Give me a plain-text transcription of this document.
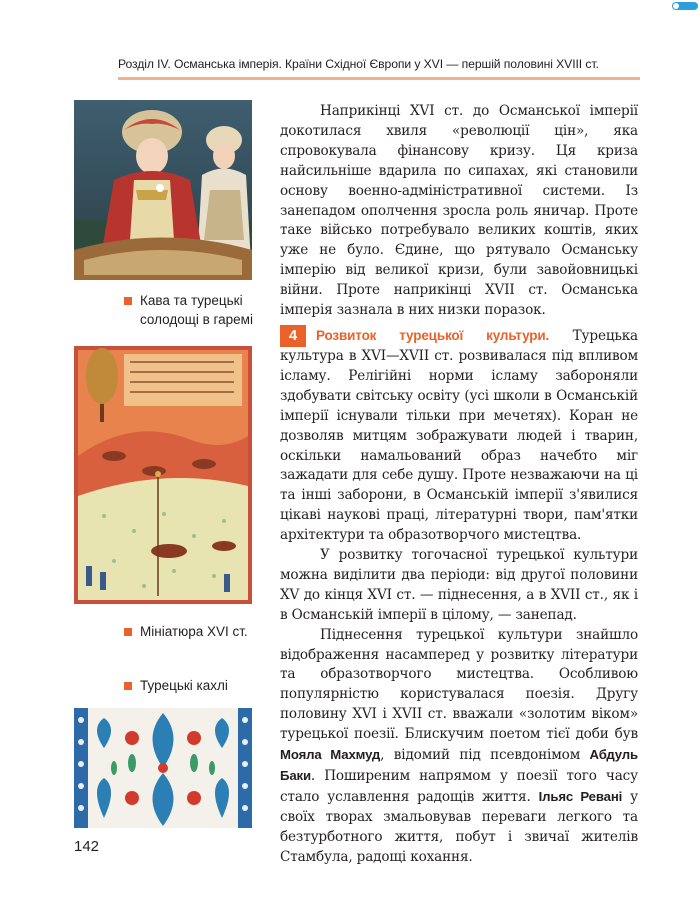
Розділ IV. Османська імперія. Країни Східної Європи у XVI — першій половині XVIII ст.
Кава та турецькі
солодощі в гаремі
Мініатюра XVI ст.
Турецькі кахлі

Наприкінці XVI ст. до Османської імперії докотилася хвиля «революції цін», яка спровокувала фінансову кризу. Ця криза найсильніше вдарила по сипахах, які становили основу военно-адміністративної системи. Із занепадом ополчення зросла роль яничар. Проте таке військо потребувало великих коштів, яких уже не було. Єдине, що рятувало Османську імперію від великої кризи, були завойовницькі війни. Проте наприкінці XVII ст. Османська імперія зазнала в них низки поразок.

4 Розвиток турецької культури. Турецька культура в XVI—XVII ст. розвивалася під впливом ісламу. Релігійні норми ісламу забороняли здобувати світську освіту (усі школи в Османській імперії існували тільки при мечетях). Коран не дозволяв митцям зображувати людей і тварин, оскільки намальований образ начебто міг зажадати для себе душу. Проте незважаючи на ці та інші заборони, в Османській імперії з'явилися цікаві наукові праці, літературні твори, пам'ятки архітектури та образотворчого мистецтва.

У розвитку тогочасної турецької культури можна виділити два періоди: від другої половини XV до кінця XVI ст. — піднесення, а в XVII ст., як і в Османській імперії в цілому, — занепад.

Піднесення турецької культури знайшло відображення насамперед у розвитку літератури та образотворчого мистецтва. Особливою популярністю користувалася поезія. Другу половину XVI і XVII ст. вважали «золотим віком» турецької поезії. Блискучим поетом тієї доби був Мояла Махмуд, відомий під псевдонімом Абдуль Баки. Поширеним напрямом у поезії того часу стало уславлення радощів життя. Ільяс Ревані у своїх творах змальовував переваги легкого та безтурботного життя, побут і звичаї жителів Стамбула, радощі кохання.

142
